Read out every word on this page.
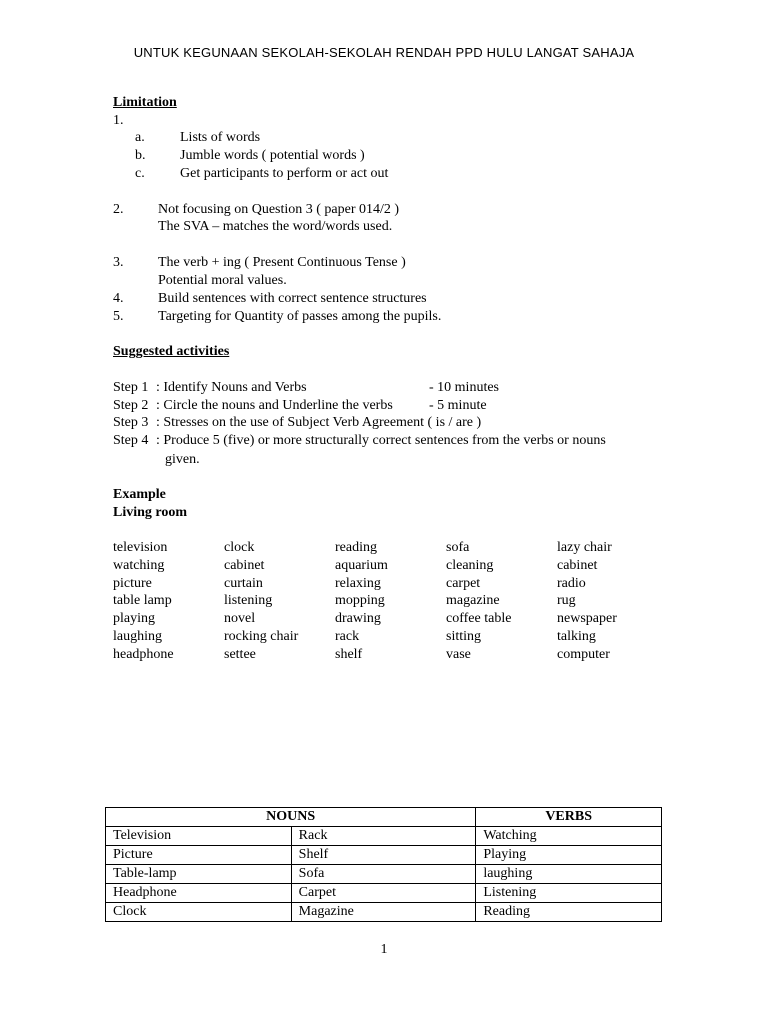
UNTUK KEGUNAAN SEKOLAH-SEKOLAH RENDAH PPD HULU LANGAT SAHAJA
Limitation
1.
a.	Lists of words
b. Jumble words ( potential words )
c.	Get participants to perform or act out
2. Not focusing on Question 3 ( paper 014/2 )
The SVA – matches the word/words used.
3. The verb + ing ( Present Continuous Tense )
Potential moral values.
4. Build sentences with correct sentence structures
5. Targeting for Quantity of passes among the pupils.
Suggested activities
Step 1 : Identify Nouns and Verbs	- 10 minutes
Step 2 : Circle the nouns and Underline the verbs	- 5 minute
Step 3 : Stresses on the use of Subject Verb Agreement ( is / are )
Step 4 : Produce 5 (five) or more structurally correct sentences from the verbs or nouns
given.
Example
Living room
television	clock	reading	sofa	lazy chair
watching	cabinet	aquarium	cleaning	cabinet
picture	curtain	relaxing	carpet	radio
table lamp	listening	mopping	magazine	rug
playing	novel	drawing	coffee table	newspaper
laughing	rocking chair	rack	sitting	talking
headphone	settee	shelf	vase	computer
NOUNS		VERBS
Television	Rack	Watching
Picture	Shelf	Playing
Table-lamp	Sofa	laughing
Headphone	Carpet	Listening
Clock	Magazine	Reading
1
